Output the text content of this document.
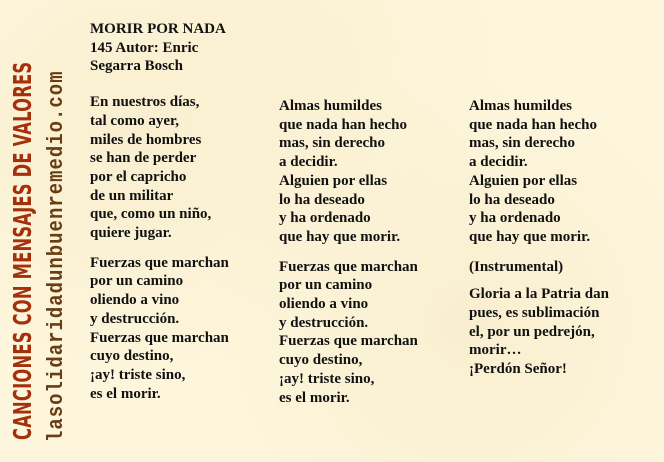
CANCIONES CON MENSAJES DE VALORES lasolidaridadunbuenremedio.com
MORIR POR NADA
145 Autor: Enric
Segarra Bosch
En nuestros días,
tal como ayer,
miles de hombres
se han de perder
por el capricho
de un militar
que, como un niño,
quiere jugar.
Fuerzas que marchan
por un camino
oliendo a vino
y destrucción.
Fuerzas que marchan
cuyo destino,
¡ay! triste sino,
es el morir.
Almas humildes
que nada han hecho
mas, sin derecho
a decidir.
Alguien por ellas
lo ha deseado
y ha ordenado
que hay que morir.
Fuerzas que marchan
por un camino
oliendo a vino
y destrucción.
Fuerzas que marchan
cuyo destino,
¡ay! triste sino,
es el morir.
Almas humildes
que nada han hecho
mas, sin derecho
a decidir.
Alguien por ellas
lo ha deseado
y ha ordenado
que hay que morir.
(Instrumental)
Gloria a la Patria dan
pues, es sublimación
el, por un pedrejón,
morir…
¡Perdón Señor!
